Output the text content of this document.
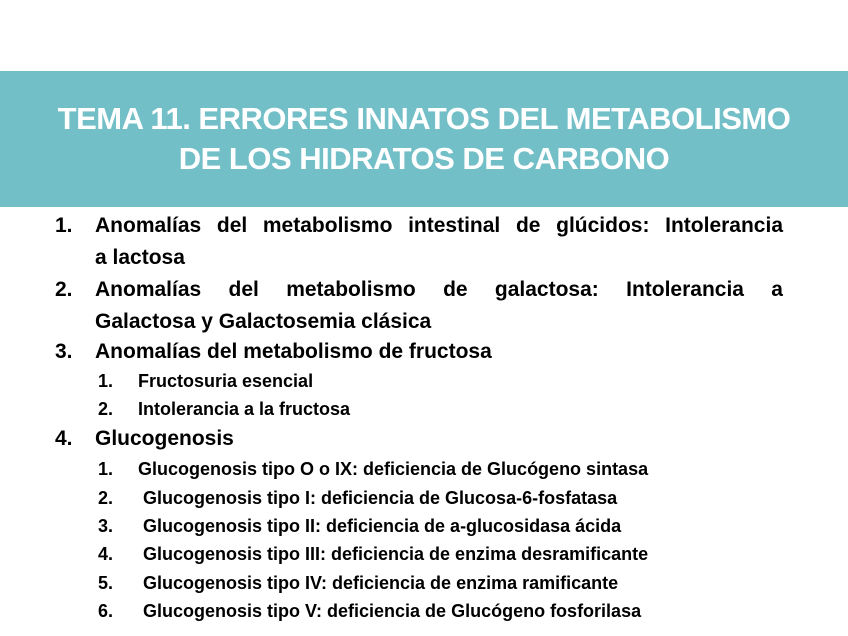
TEMA 11. ERRORES INNATOS DEL METABOLISMO
DE LOS HIDRATOS DE CARBONO
1. Anomalías del metabolismo intestinal de glúcidos: Intolerancia
a lactosa
2. Anomalías del metabolismo de galactosa: Intolerancia a
Galactosa y Galactosemia clásica
3. Anomalías del metabolismo de fructosa
1. Fructosuria esencial
2. Intolerancia a la fructosa
4. Glucogenosis
1. Glucogenosis tipo O o IX: deficiencia de Glucógeno sintasa
2. Glucogenosis tipo I: deficiencia de Glucosa-6-fosfatasa
3. Glucogenosis tipo II: deficiencia de a-glucosidasa ácida
4. Glucogenosis tipo III: deficiencia de enzima desramificante
5. Glucogenosis tipo IV: deficiencia de enzima ramificante
6. Glucogenosis tipo V: deficiencia de Glucógeno fosforilasa
